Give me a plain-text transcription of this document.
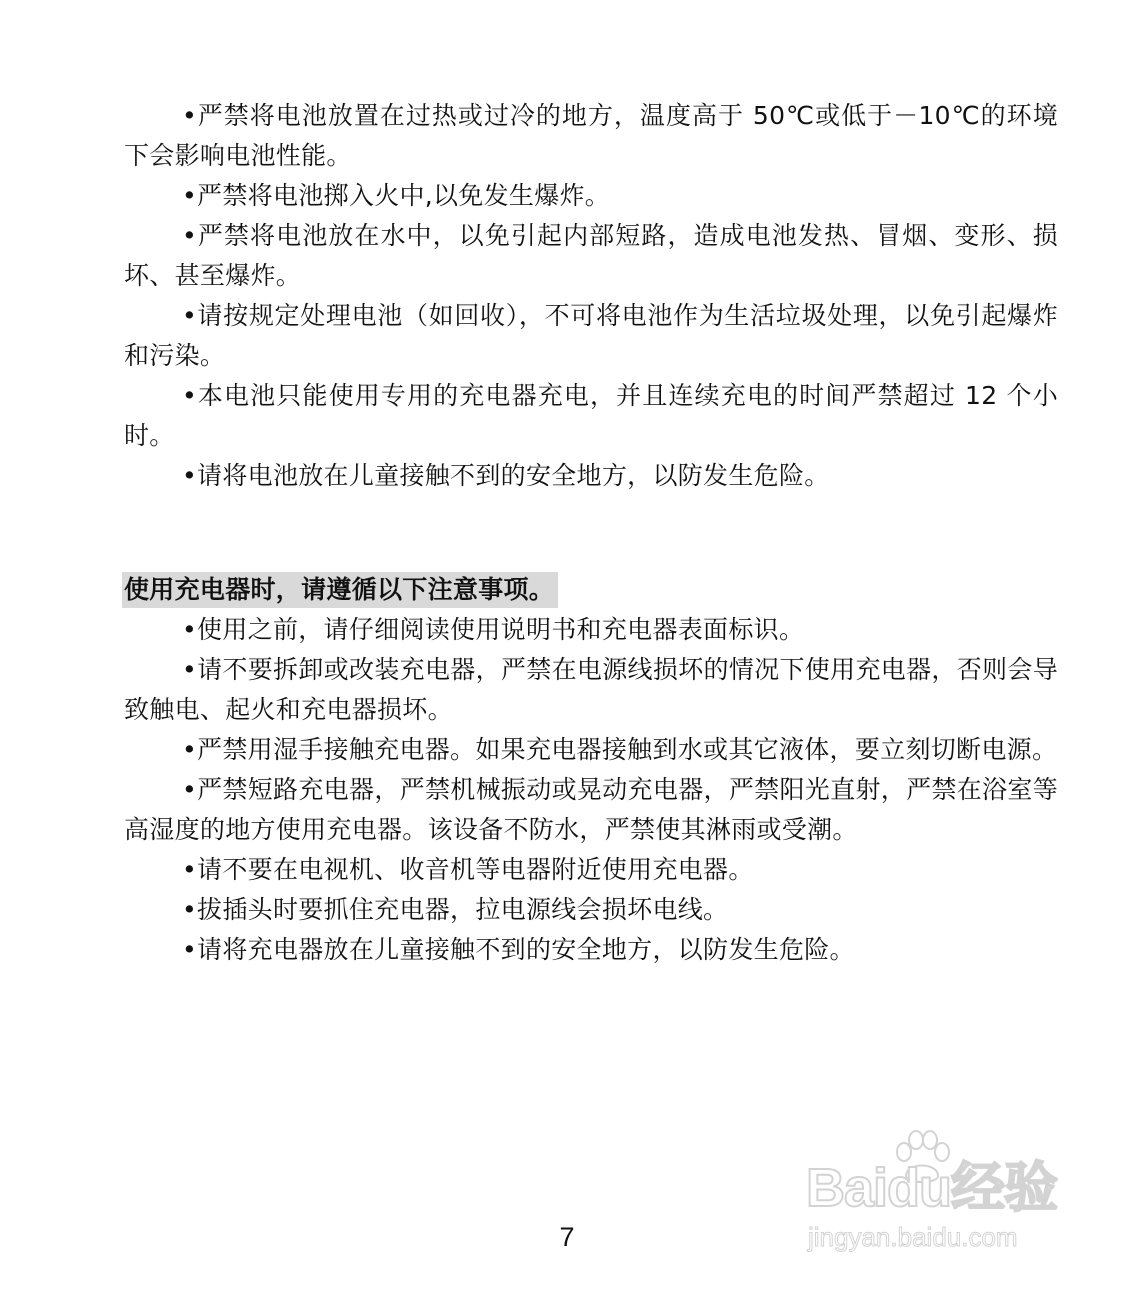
•严禁将电池放置在过热或过冷的地方，温度高于 50℃或低于－10℃的环境下会影响电池性能。

•严禁将电池掷入火中,以免发生爆炸。

•严禁将电池放在水中，以免引起内部短路，造成电池发热、冒烟、变形、损坏、甚至爆炸。

•请按规定处理电池（如回收），不可将电池作为生活垃圾处理，以免引起爆炸和污染。

•本电池只能使用专用的充电器充电，并且连续充电的时间严禁超过 12 个小时。

•请将电池放在儿童接触不到的安全地方，以防发生危险。

使用充电器时，请遵循以下注意事项。

•使用之前，请仔细阅读使用说明书和充电器表面标识。

•请不要拆卸或改装充电器，严禁在电源线损坏的情况下使用充电器，否则会导致触电、起火和充电器损坏。

•严禁用湿手接触充电器。如果充电器接触到水或其它液体，要立刻切断电源。

•严禁短路充电器，严禁机械振动或晃动充电器，严禁阳光直射，严禁在浴室等高湿度的地方使用充电器。该设备不防水，严禁使其淋雨或受潮。

•请不要在电视机、收音机等电器附近使用充电器。

•拔插头时要抓住充电器，拉电源线会损坏电线。

•请将充电器放在儿童接触不到的安全地方，以防发生危险。

Baidu经验
jingyan.baidu.com
7
